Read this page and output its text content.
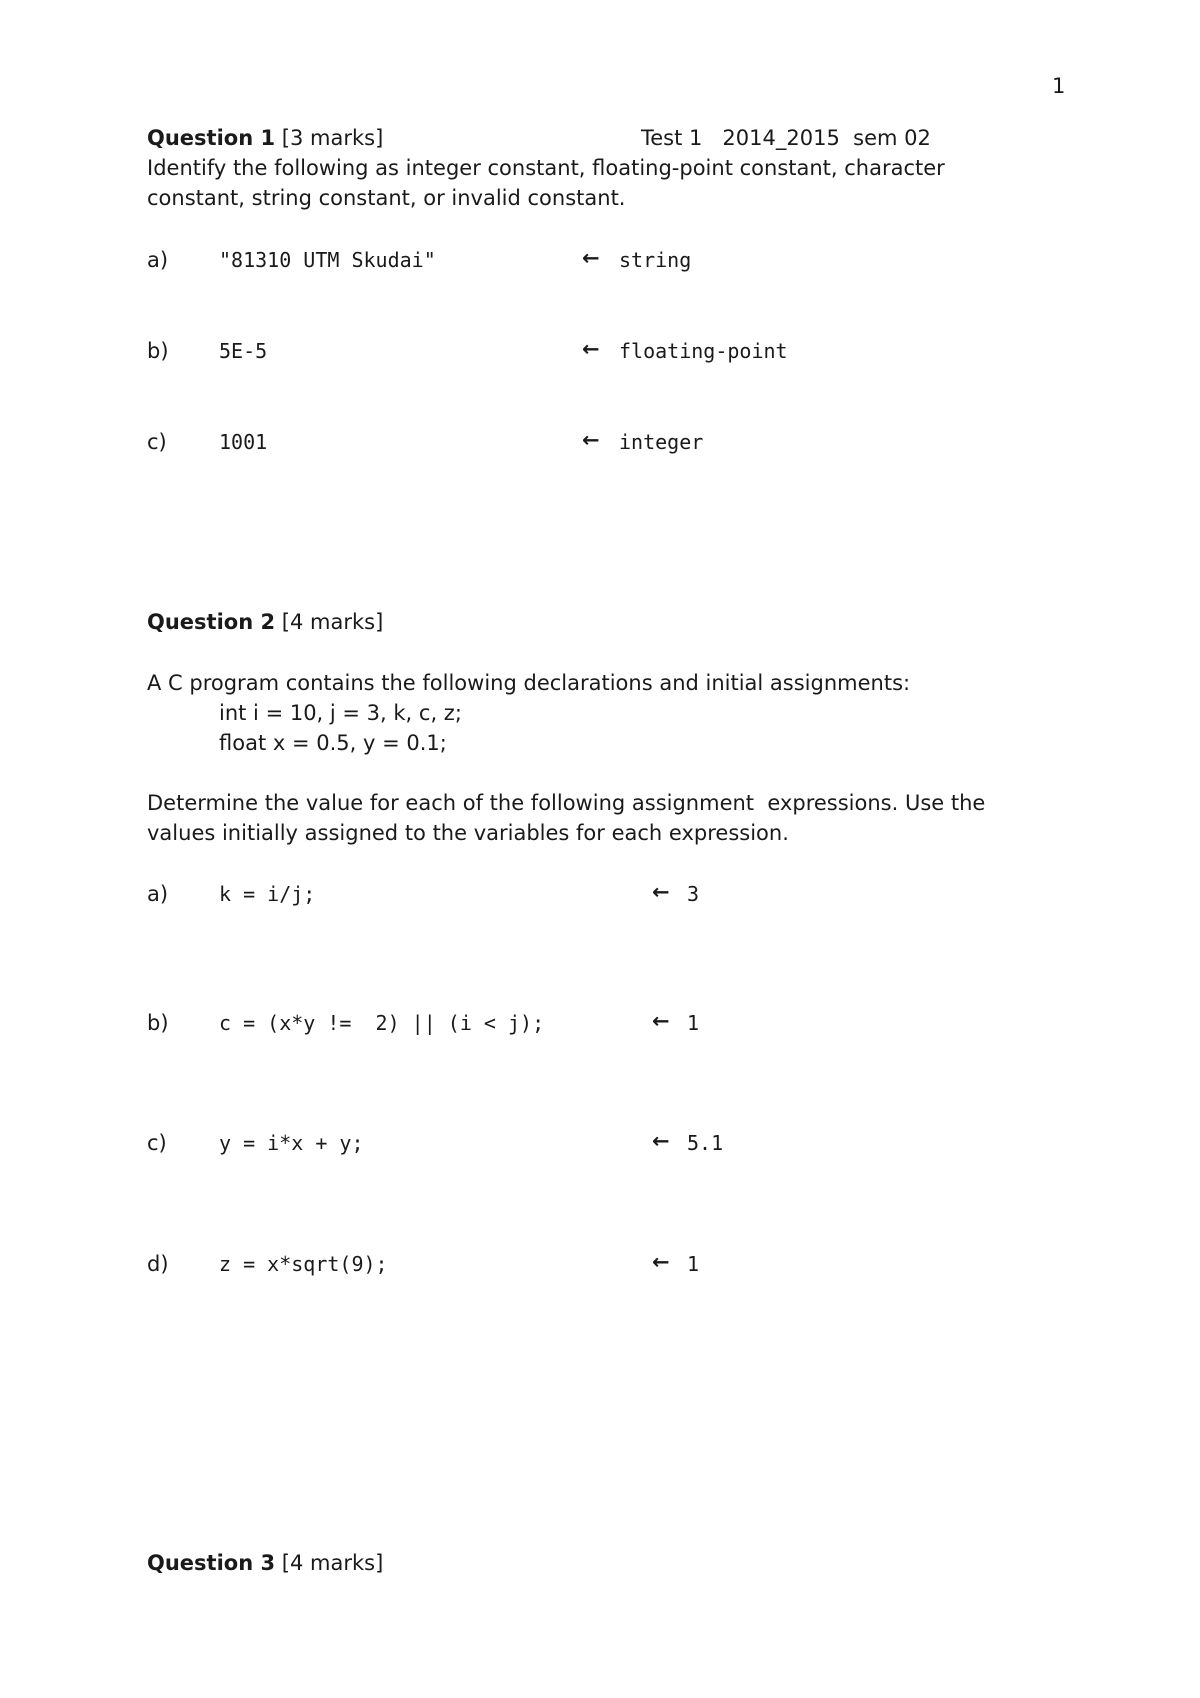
1
Question 1 [3 marks]	Test 1   2014_2015  sem 02
Identify the following as integer constant, floating-point constant, character
constant, string constant, or invalid constant.
a)	"81310 UTM Skudai"	← string
b)	5E-5	← floating-point
c)	1001	← integer
Question 2 [4 marks]
A C program contains the following declarations and initial assignments:
int i = 10, j = 3, k, c, z;
float x = 0.5, y = 0.1;
Determine the value for each of the following assignment  expressions. Use the
values initially assigned to the variables for each expression.
a)	k = i/j;	← 3
b)	c = (x*y !=  2) || (i < j);	← 1
c)	y = i*x + y;	← 5.1
d)	z = x*sqrt(9);	← 1
Question 3 [4 marks]
